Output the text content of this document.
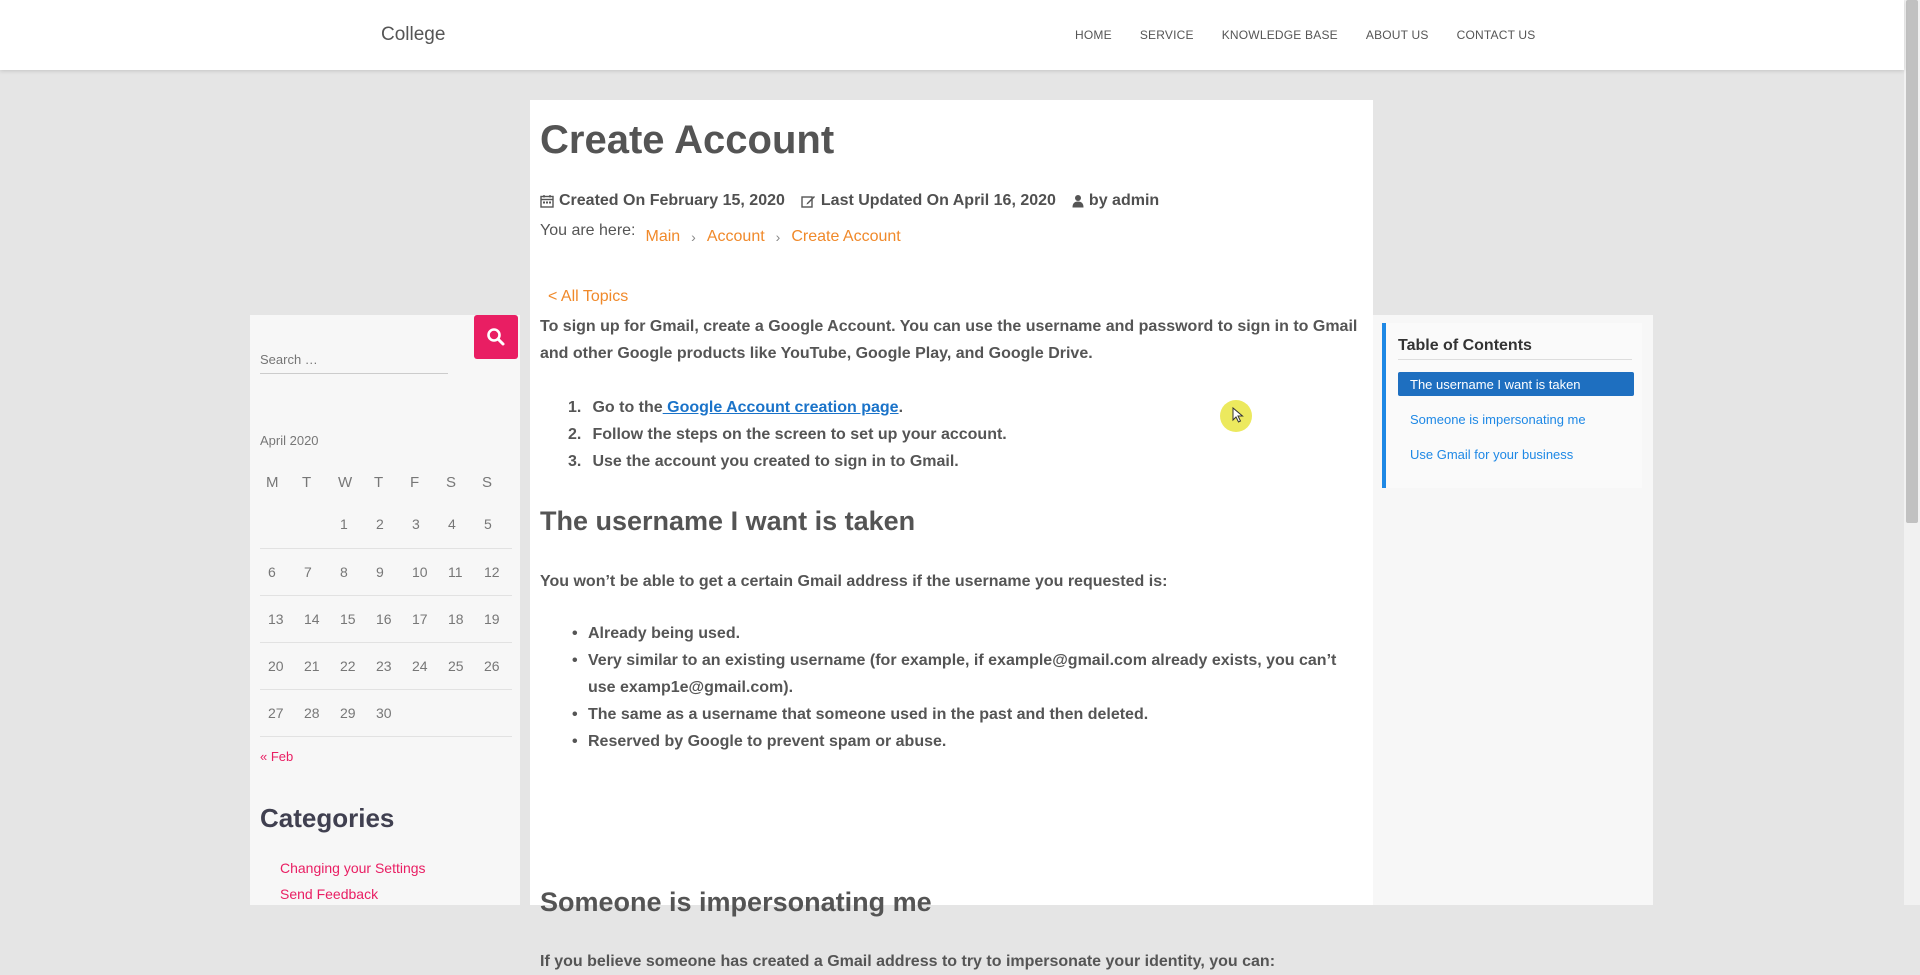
College	HOME SERVICE KNOWLEDGE BASE ABOUT US CONTACT US
Search …
April 2020
M	T	W	T	F	S	S
		1	2	3	4	5
6	7	8	9	10	11	12
13	14	15	16	17	18	19
20	21	22	23	24	25	26
27	28	29	30			
« Feb
Categories
Changing your Settings
Send Feedback
Create Account
Created On February 15, 2020 Last Updated On April 16, 2020 by admin
You are here: Main › Account › Create Account
< All Topics

To sign up for Gmail, create a Google Account. You can use the username and password to sign in to Gmail and other Google products like YouTube, Google Play, and Google Drive.

1. Go to the Google Account creation page.
2. Follow the steps on the screen to set up your account.
3. Use the account you created to sign in to Gmail.
The username I want is taken

You won’t be able to get a certain Gmail address if the username you requested is:

• Already being used.
• Very similar to an existing username (for example, if example@gmail.com already exists, you can’t use examp1e@gmail.com).
• The same as a username that someone used in the past and then deleted.
• Reserved by Google to prevent spam or abuse.
Someone is impersonating me

If you believe someone has created a Gmail address to try to impersonate your identity, you can:

Table of Contents
The username I want is taken
Someone is impersonating me
Use Gmail for your business
